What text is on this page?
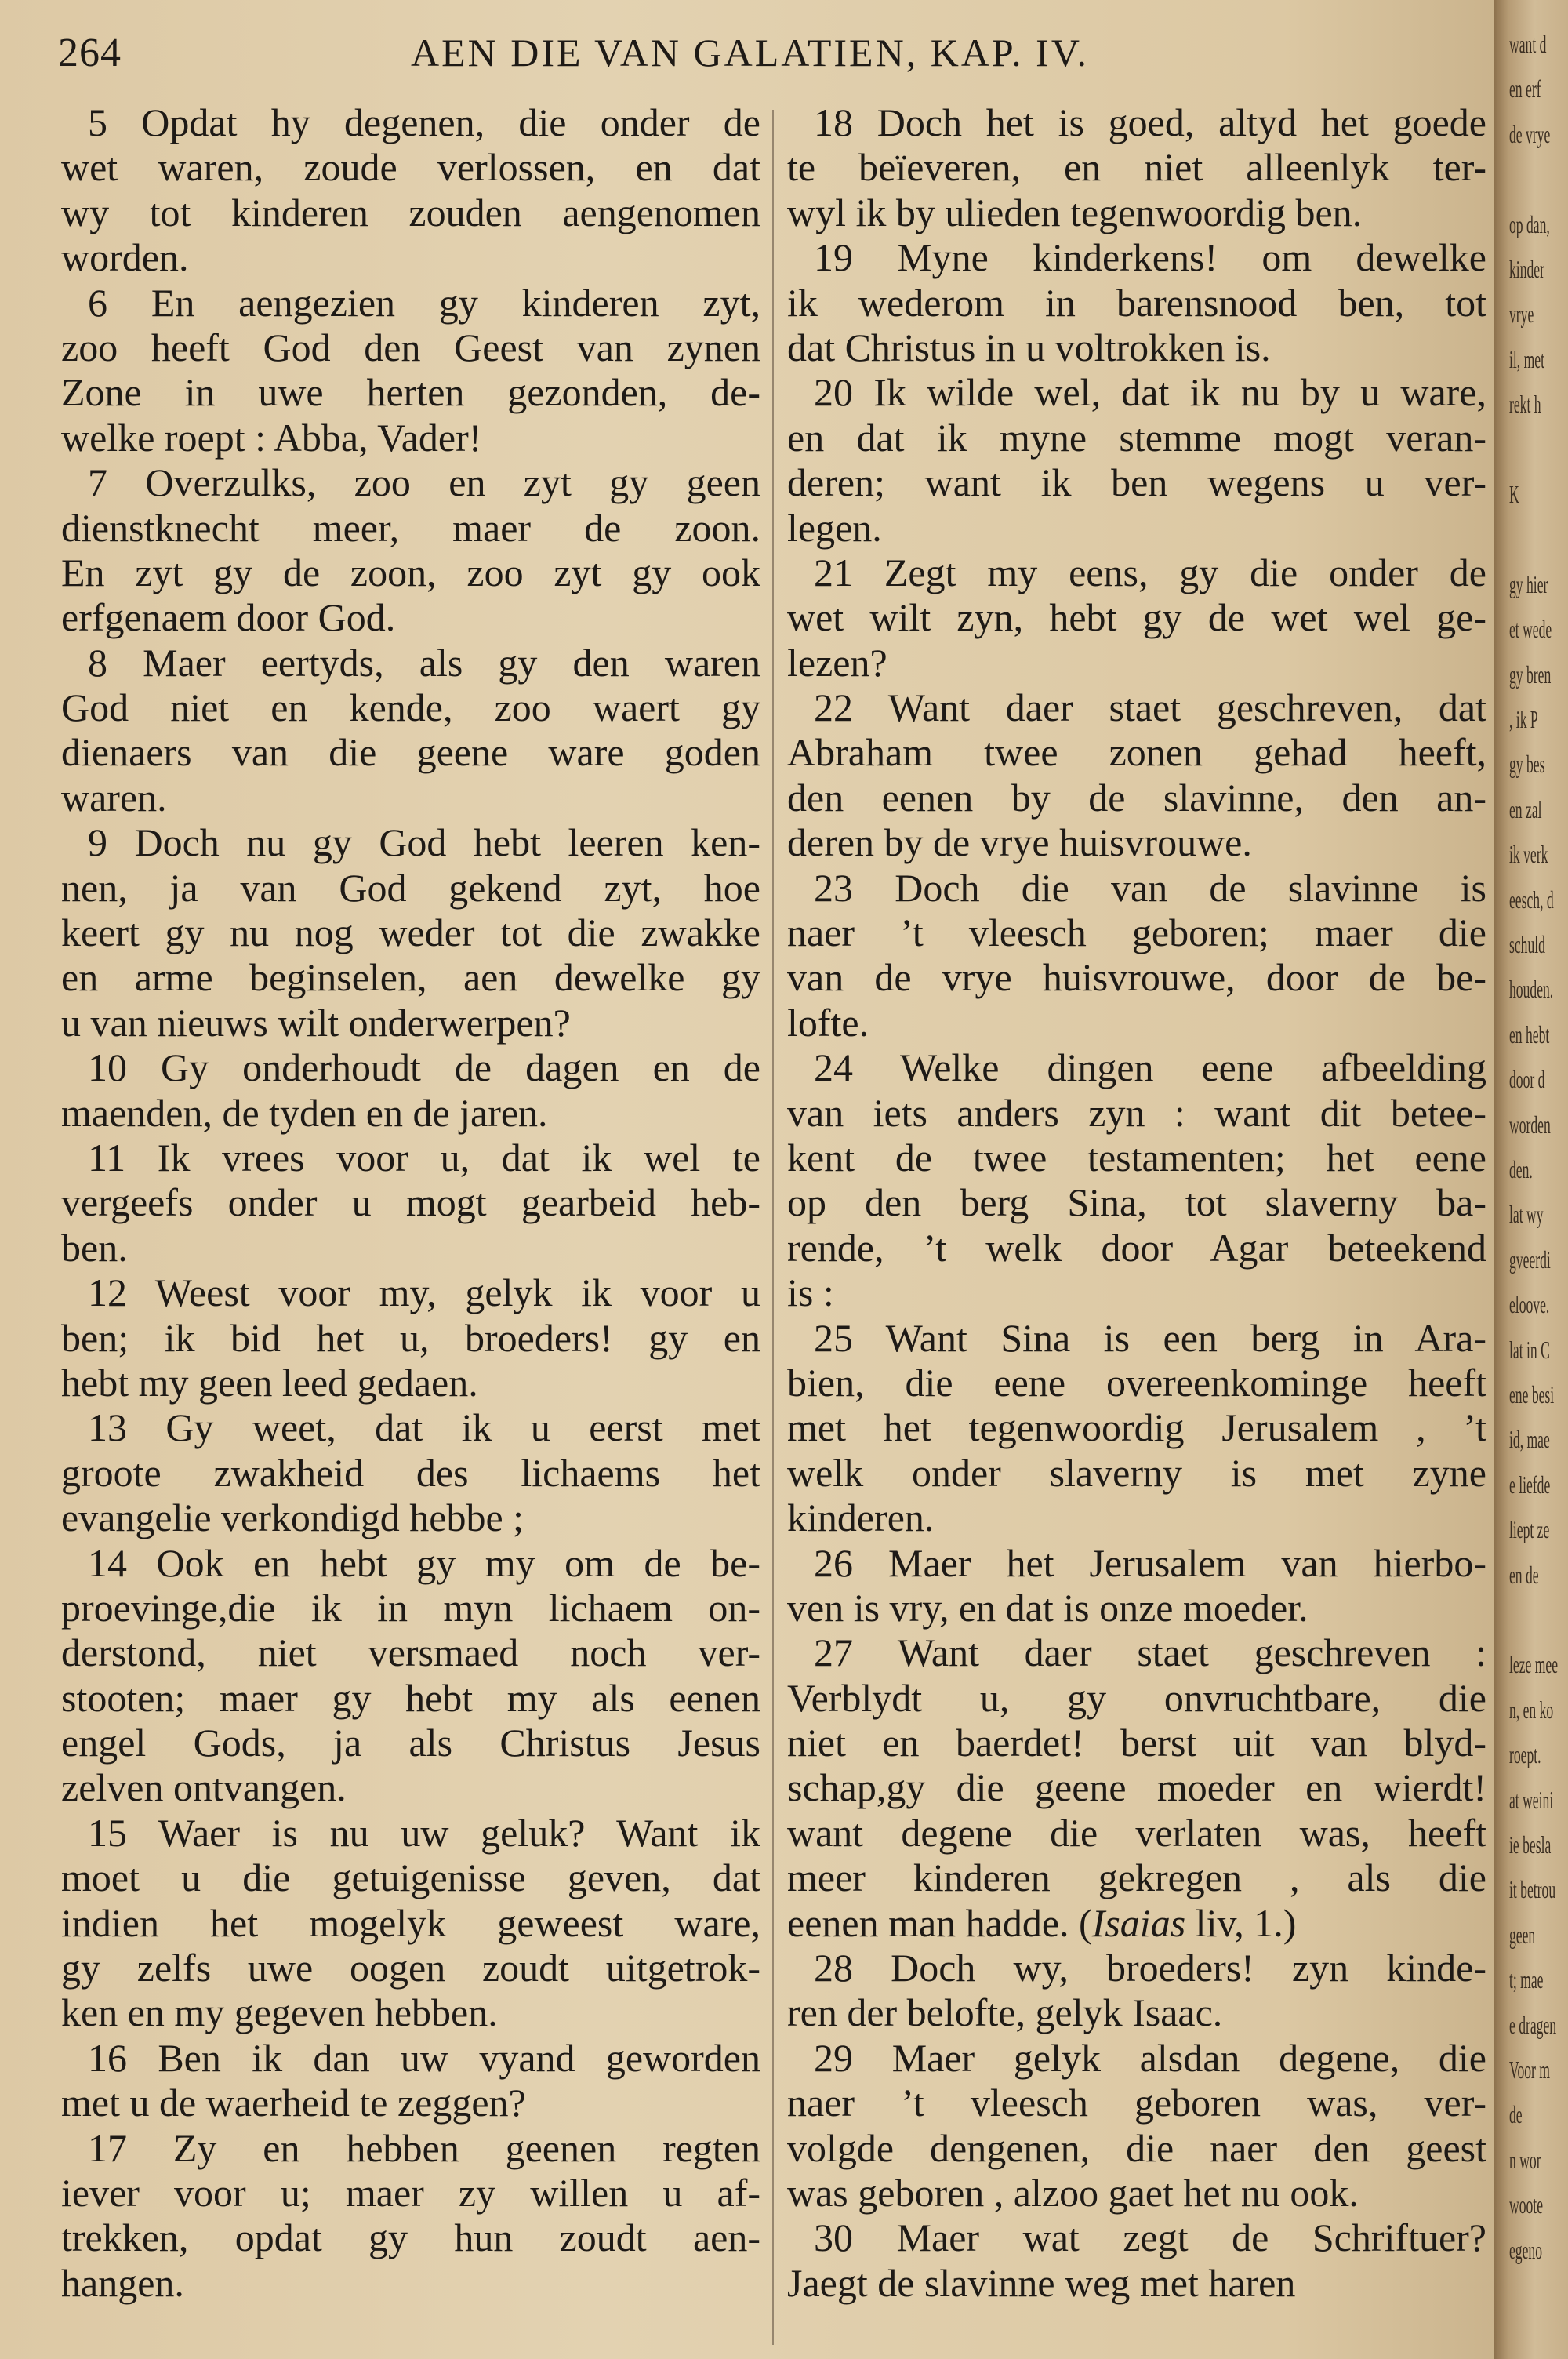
264	AEN DIE VAN GALATIEN, KAP. IV.
5 Opdat hy degenen, die onder de
wet waren, zoude verlossen, en dat
wy tot kinderen zouden aengenomen
worden.
6 En aengezien gy kinderen zyt,
zoo heeft God den Geest van zynen
Zone in uwe herten gezonden, de-
welke roept : Abba, Vader!
7 Overzulks, zoo en zyt gy geen
dienstknecht meer, maer de zoon.
En zyt gy de zoon, zoo zyt gy ook
erfgenaem door God.
8 Maer eertyds, als gy den waren
God niet en kende, zoo waert gy
dienaers van die geene ware goden
waren.
9 Doch nu gy God hebt leeren ken-
nen, ja van God gekend zyt, hoe
keert gy nu nog weder tot die zwakke
en arme beginselen, aen dewelke gy
u van nieuws wilt onderwerpen?
10 Gy onderhoudt de dagen en de
maenden, de tyden en de jaren.
11 Ik vrees voor u, dat ik wel te
vergeefs onder u mogt gearbeid heb-
ben.
12 Weest voor my, gelyk ik voor u
ben; ik bid het u, broeders! gy en
hebt my geen leed gedaen.
13 Gy weet, dat ik u eerst met
groote zwakheid des lichaems het
evangelie verkondigd hebbe ;
14 Ook en hebt gy my om de be-
proevinge,die ik in myn lichaem on-
derstond, niet versmaed noch ver-
stooten; maer gy hebt my als eenen
engel Gods, ja als Christus Jesus
zelven ontvangen.
15 Waer is nu uw geluk? Want ik
moet u die getuigenisse geven, dat
indien het mogelyk geweest ware,
gy zelfs uwe oogen zoudt uitgetrok-
ken en my gegeven hebben.
16 Ben ik dan uw vyand geworden
met u de waerheid te zeggen?
17 Zy en hebben geenen regten
iever voor u; maer zy willen u af-
trekken, opdat gy hun zoudt aen-
hangen.
18 Doch het is goed, altyd het goede
te beïeveren, en niet alleenlyk ter-
wyl ik by ulieden tegenwoordig ben.
19 Myne kinderkens! om dewelke
ik wederom in barensnood ben, tot
dat Christus in u voltrokken is.
20 Ik wilde wel, dat ik nu by u ware,
en dat ik myne stemme mogt veran-
deren; want ik ben wegens u ver-
legen.
21 Zegt my eens, gy die onder de
wet wilt zyn, hebt gy de wet wel ge-
lezen?
22 Want daer staet geschreven, dat
Abraham twee zonen gehad heeft,
den eenen by de slavinne, den an-
deren by de vrye huisvrouwe.
23 Doch die van de slavinne is
naer ’t vleesch geboren; maer die
van de vrye huisvrouwe, door de be-
lofte.
24 Welke dingen eene afbeelding
van iets anders zyn : want dit betee-
kent de twee testamenten; het eene
op den berg Sina, tot slaverny ba-
rende, ’t welk door Agar beteekend
is :
25 Want Sina is een berg in Ara-
bien, die eene overeenkominge heeft
met het tegenwoordig Jerusalem , ’t
welk onder slaverny is met zyne
kinderen.
26 Maer het Jerusalem van hierbo-
ven is vry, en dat is onze moeder.
27 Want daer staet geschreven :
Verblydt u, gy onvruchtbare, die
niet en baerdet! berst uit van blyd-
schap,gy die geene moeder en wierdt!
want degene die verlaten was, heeft
meer kinderen gekregen , als die
eenen man hadde. (Isaias liv, 1.)
28 Doch wy, broeders! zyn kinde-
ren der belofte, gelyk Isaac.
29 Maer gelyk alsdan degene, die
naer ’t vleesch geboren was, ver-
volgde dengenen, die naer den geest
was geboren , alzoo gaet het nu ook.
30 Maer wat zegt de Schriftuer?
Jaegt de slavinne weg met haren
want d
en erf
de vrye
op dan,
kinder
vrye
il, met
rekt h
K
gy hier
et wede
gy bren
, ik P
gy bes
en zal
ik verk
eesch, d
schuld
houden.
en hebt
door d
worden
den.
lat wy
gveerdi
eloove.
lat in C
ene besi
id, mae
e liefde
liept ze
en de
leze mee
n, en ko
roept.
at weini
ie besla
it betrou
geen
t; mae
e dragen
Voor m
de
n wor
woote
egeno
